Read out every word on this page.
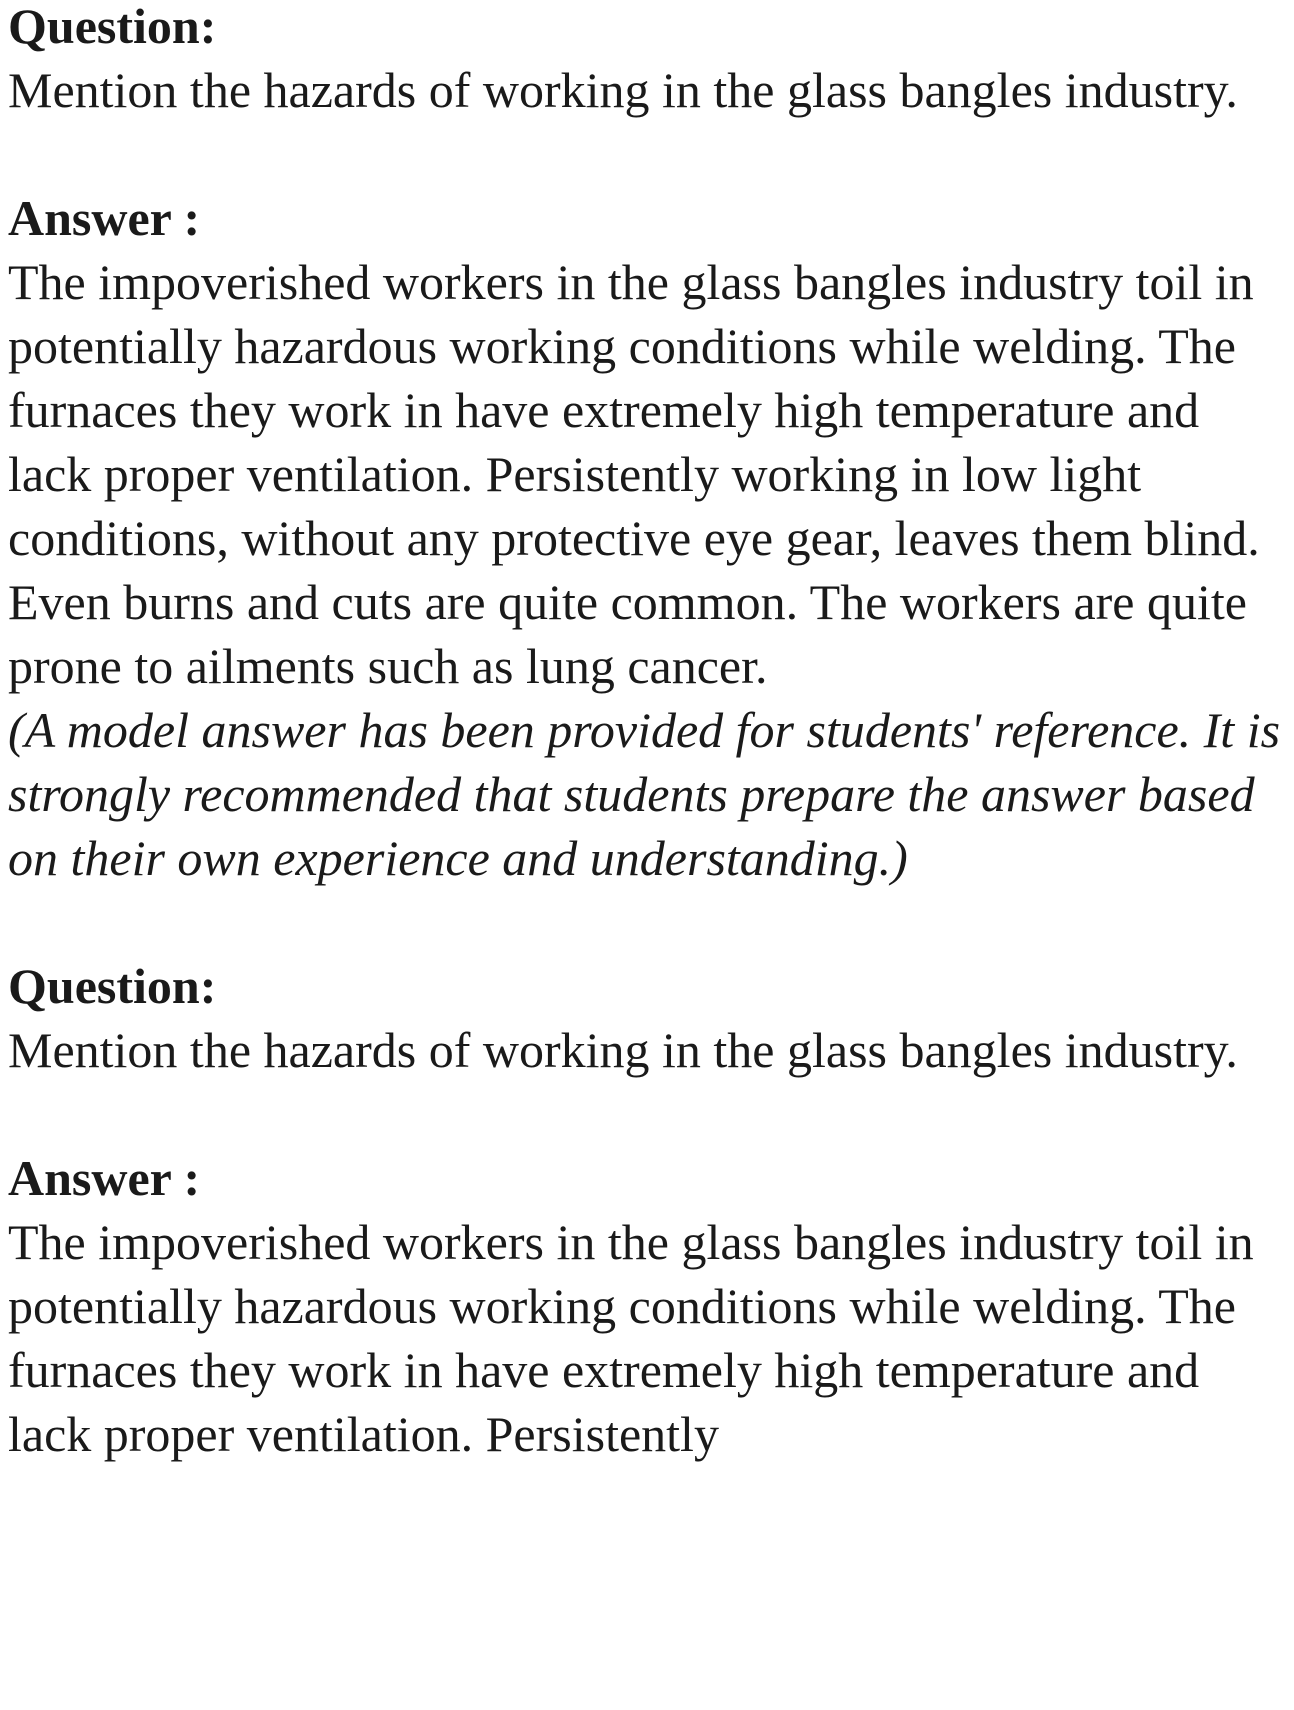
Question:
Mention the hazards of working in the glass bangles industry.
Answer :
The impoverished workers in the glass bangles industry toil in potentially hazardous working conditions while welding. The furnaces they work in have extremely high temperature and lack proper ventilation. Persistently working in low light conditions, without any protective eye gear, leaves them blind. Even burns and cuts are quite common. The workers are quite prone to ailments such as lung cancer.
(A model answer has been provided for students' reference. It is strongly recommended that students prepare the answer based on their own experience and understanding.)
Question:
Mention the hazards of working in the glass bangles industry.
Answer :
The impoverished workers in the glass bangles industry toil in potentially hazardous working conditions while welding. The furnaces they work in have extremely high temperature and lack proper ventilation. Persistently
